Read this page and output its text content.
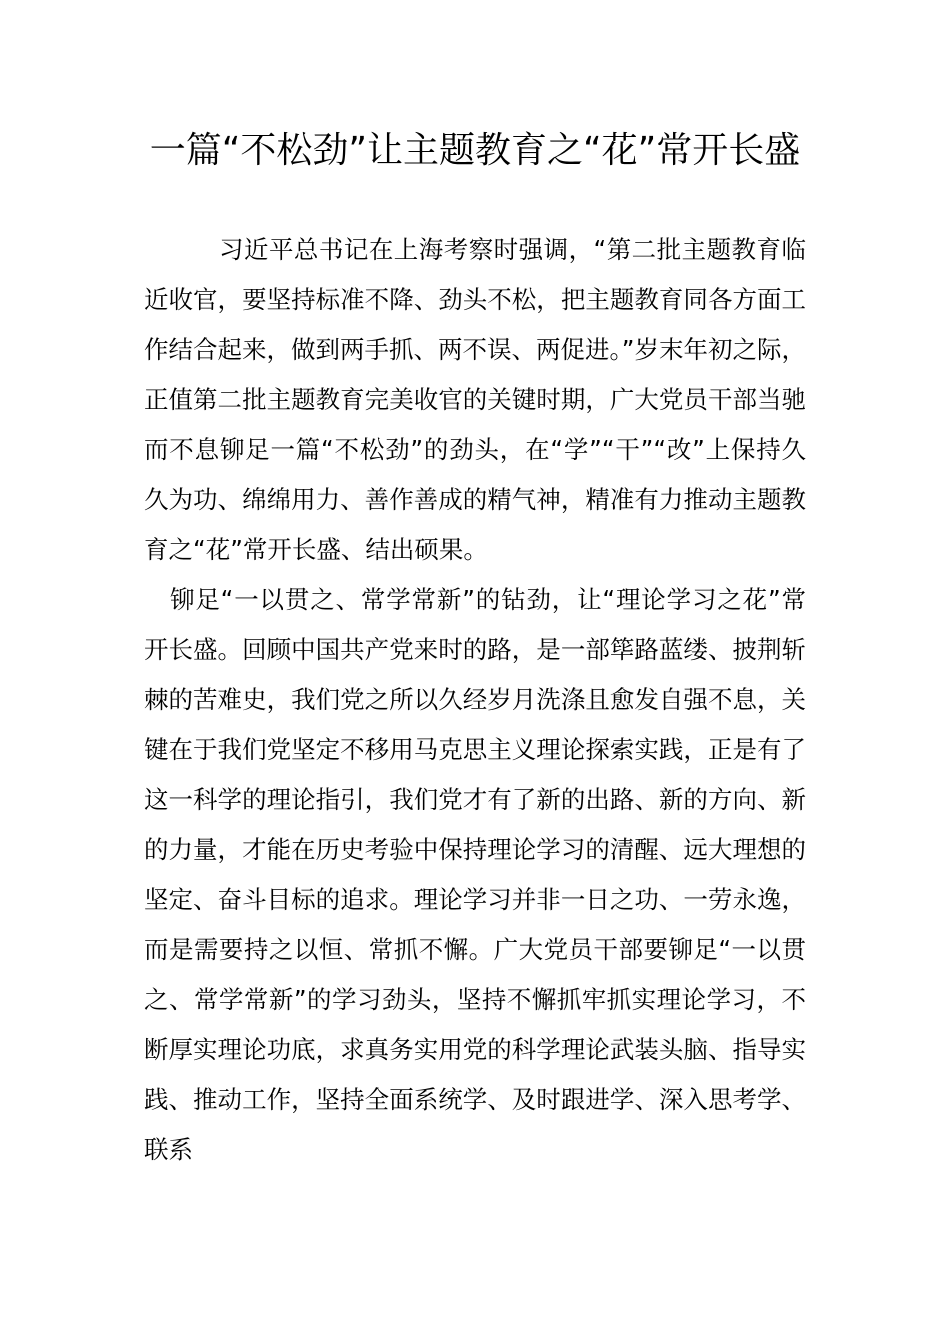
一篇“不松劲”让主题教育之“花”常开长盛

习近平总书记在上海考察时强调，“第二批主题教育临近收官，要坚持标准不降、劲头不松，把主题教育同各方面工作结合起来，做到两手抓、两不误、两促进。”岁末年初之际，正值第二批主题教育完美收官的关键时期，广大党员干部当驰而不息铆足一篇“不松劲”的劲头，在“学”“干”“改”上保持久久为功、绵绵用力、善作善成的精气神，精准有力推动主题教育之“花”常开长盛、结出硕果。

铆足“一以贯之、常学常新”的钻劲，让“理论学习之花”常开长盛。回顾中国共产党来时的路，是一部筚路蓝缕、披荆斩棘的苦难史，我们党之所以久经岁月洗涤且愈发自强不息，关键在于我们党坚定不移用马克思主义理论探索实践，正是有了这一科学的理论指引，我们党才有了新的出路、新的方向、新的力量，才能在历史考验中保持理论学习的清醒、远大理想的坚定、奋斗目标的追求。理论学习并非一日之功、一劳永逸，而是需要持之以恒、常抓不懈。广大党员干部要铆足“一以贯之、常学常新”的学习劲头，坚持不懈抓牢抓实理论学习，不断厚实理论功底，求真务实用党的科学理论武装头脑、指导实践、推动工作，坚持全面系统学、及时跟进学、深入思考学、联系
